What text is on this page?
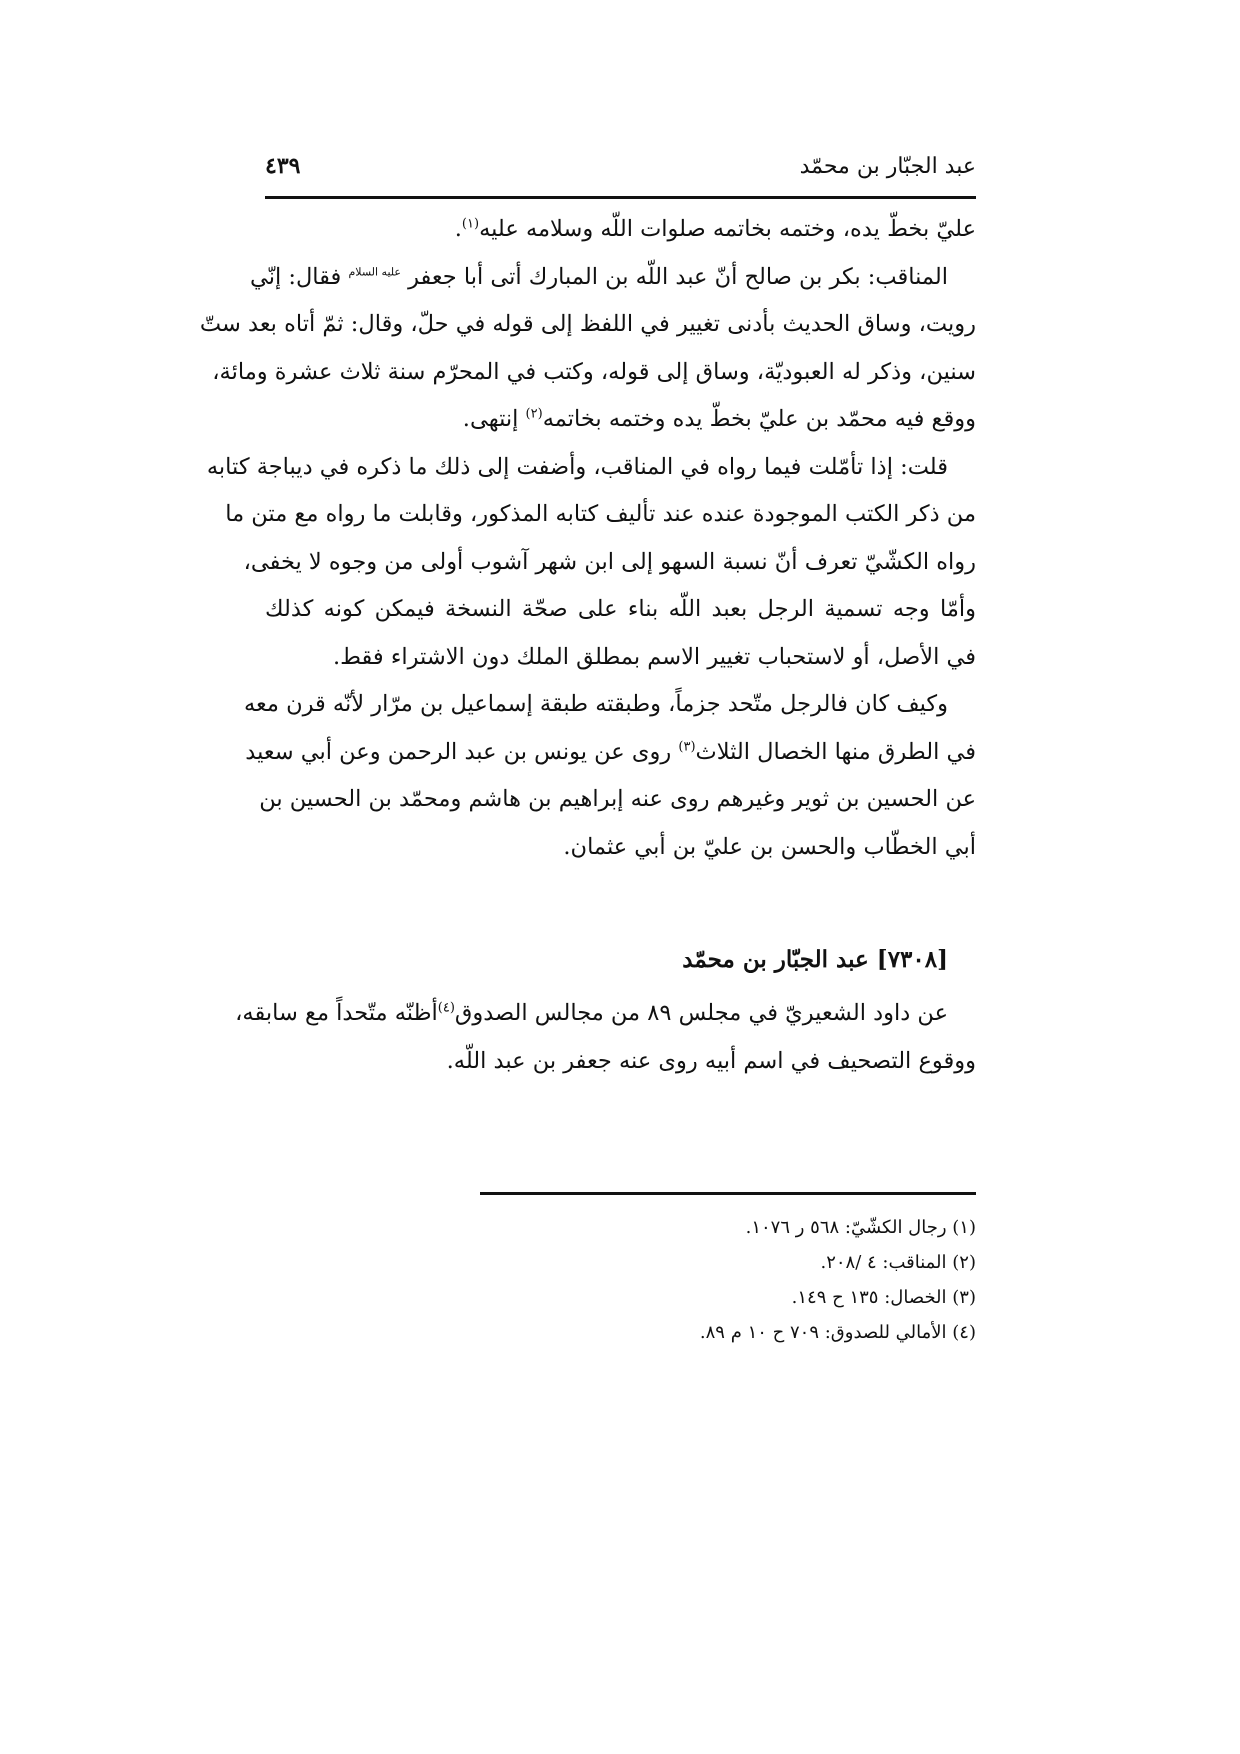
عبد الجبّار بن محمّد
٤٣٩
عليّ بخطّ يده، وختمه بخاتمه صلوات اللّه وسلامه عليه$^{(١)}$.
المناقب: بكر بن صالح أنّ عبد اللّه بن المبارك أتى أبا جعفر $^{عليه السلام}$ فقال: إنّي
رويت، وساق الحديث بأدنى تغيير في اللفظ إلى قوله في حلّ، وقال: ثمّ أتاه بعد ستّ
سنين، وذكر له العبوديّة، وساق إلى قوله، وكتب في المحرّم سنة ثلاث عشرة ومائة،
ووقع فيه محمّد بن عليّ بخطّ يده وختمه بخاتمه$^{(٢)}$ إنتهى.
قلت: إذا تأمّلت فيما رواه في المناقب، وأضفت إلى ذلك ما ذكره في ديباجة كتابه
من ذكر الكتب الموجودة عنده عند تأليف كتابه المذكور، وقابلت ما رواه مع متن ما
رواه الكشّيّ تعرف أنّ نسبة السهو إلى ابن شهر آشوب أولى من وجوه لا يخفى،
وأمّا وجه تسمية الرجل بعبد اللّه بناء على صحّة النسخة فيمكن كونه كذلك
في الأصل، أو لاستحباب تغيير الاسم بمطلق الملك دون الاشتراء فقط.
وكيف كان فالرجل متّحد جزماً، وطبقته طبقة إسماعيل بن مرّار لأنّه قرن معه
في الطرق منها الخصال الثلاث$^{(٣)}$ روى عن يونس بن عبد الرحمن وعن أبي سعيد
عن الحسين بن ثوير وغيرهم روى عنه إبراهيم بن هاشم ومحمّد بن الحسين بن
أبي الخطّاب والحسن بن عليّ بن أبي عثمان.
[٧٣٠٨] عبد الجبّار بن محمّد
عن داود الشعيريّ في مجلس ٨٩ من مجالس الصدوق$^{(٤)}$أظنّه متّحداً مع سابقه،
ووقوع التصحيف في اسم أبيه روى عنه جعفر بن عبد اللّه.
(١) رجال الكشّيّ: ٥٦٨ ر ١٠٧٦.
(٢) المناقب: ٤ /٢٠٨.
(٣) الخصال: ١٣٥ ح ١٤٩.
(٤) الأمالي للصدوق: ٧٠٩ ح ١٠ م ٨٩.
